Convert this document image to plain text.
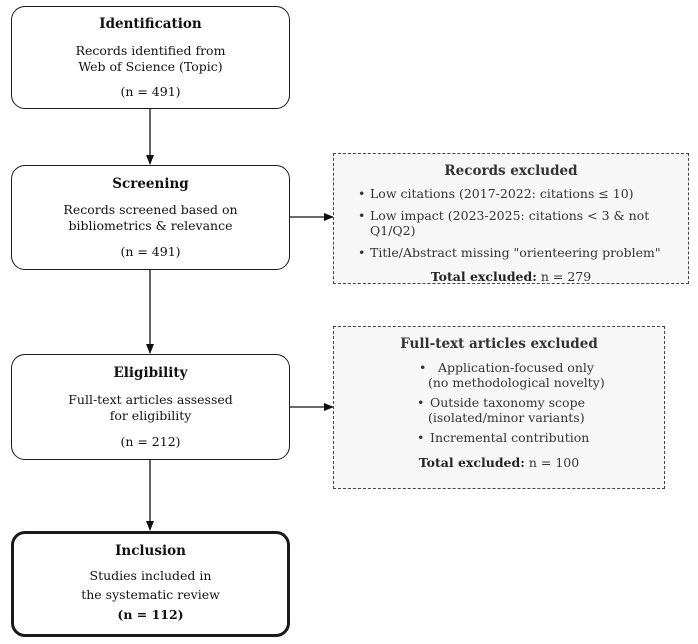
Identification
Records identified from
Web of Science (Topic)
(n = 491)
Screening
Records screened based on
bibliometrics & relevance
(n = 491)
Eligibility
Full-text articles assessed
for eligibility
(n = 212)
Inclusion
Studies included in
the systematic review
(n = 112)
Records excluded
• Low citations (2017-2022: citations ≤ 10)
• Low impact (2023-2025: citations < 3 & not Q1/Q2)
• Title/Abstract missing "orienteering problem"
Total excluded: n = 279
Full-text articles excluded
• Application-focused only
(no methodological novelty)
• Outside taxonomy scope
(isolated/minor variants)
• Incremental contribution
Total excluded: n = 100
